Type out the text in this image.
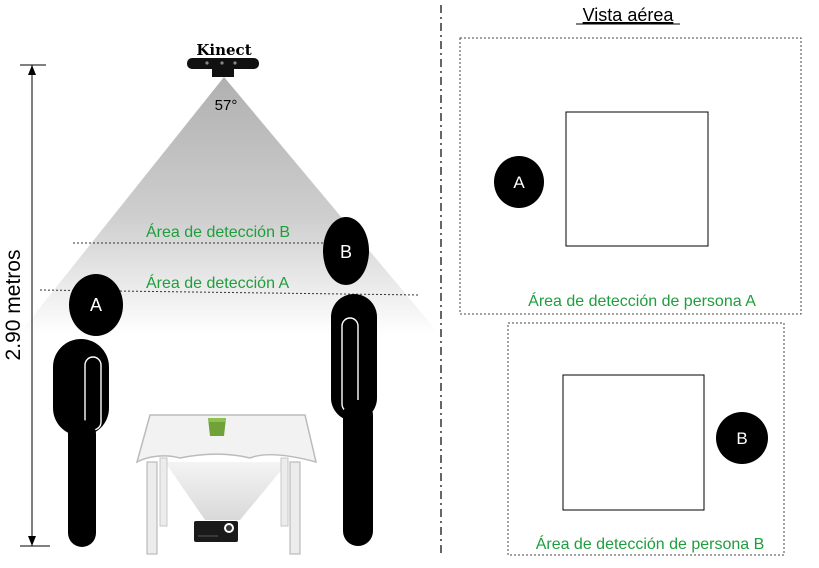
2.90 metros
Kinect
57°
Área de detección B
Área de detección A
A
B
Vista aérea
A
Área de detección de persona A
B
Área de detección de persona B
